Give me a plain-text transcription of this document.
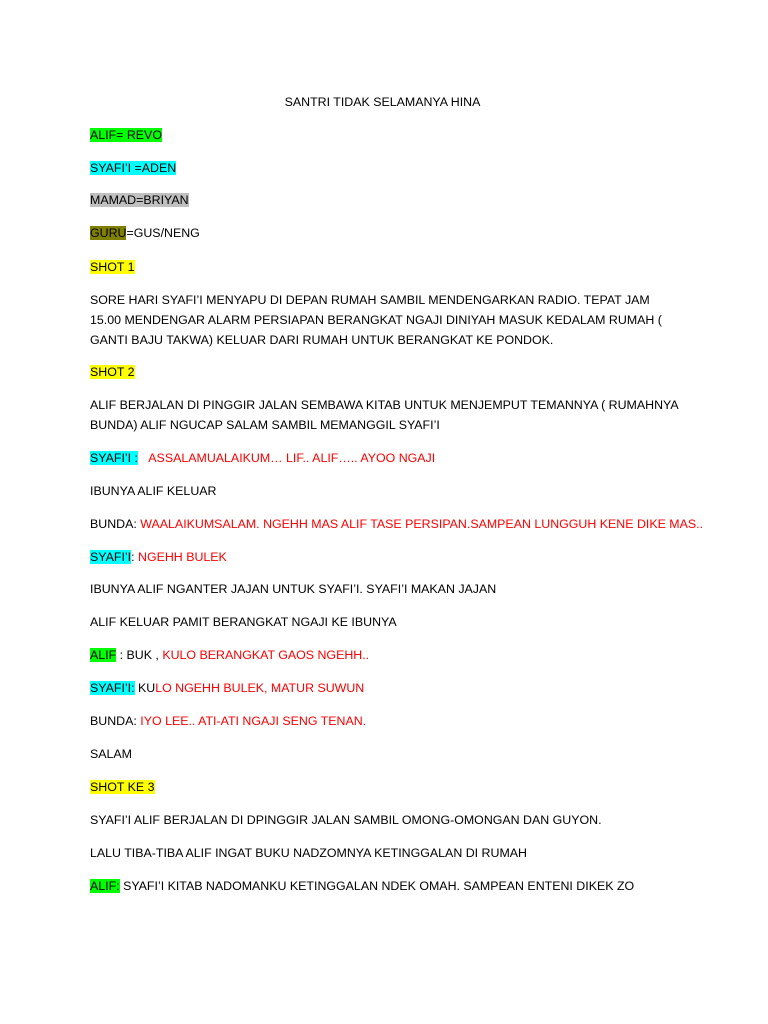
SANTRI TIDAK SELAMANYA HINA
ALIF= REVO
SYAFI’I =ADEN
MAMAD=BRIYAN
GURU=GUS/NENG
SHOT 1
SORE HARI SYAFI’I MENYAPU DI DEPAN RUMAH SAMBIL MENDENGARKAN RADIO. TEPAT JAM 15.00 MENDENGAR ALARM PERSIAPAN BERANGKAT NGAJI DINIYAH MASUK KEDALAM RUMAH ( GANTI BAJU TAKWA) KELUAR DARI RUMAH UNTUK BERANGKAT KE PONDOK.
SHOT 2
ALIF BERJALAN DI PINGGIR JALAN SEMBAWA KITAB UNTUK MENJEMPUT TEMANNYA ( RUMAHNYA BUNDA) ALIF NGUCAP SALAM SAMBIL MEMANGGIL SYAFI’I
SYAFI’I : ASSALAMUALAIKUM… LIF.. ALIF….. AYOO NGAJI
IBUNYA ALIF KELUAR
BUNDA: WAALAIKUMSALAM. NGEHH MAS ALIF TASE PERSIPAN.SAMPEAN LUNGGUH KENE DIKE MAS..
SYAFI’I: NGEHH BULEK
IBUNYA ALIF NGANTER JAJAN UNTUK SYAFI’I. SYAFI’I MAKAN JAJAN
ALIF KELUAR PAMIT BERANGKAT NGAJI KE IBUNYA
ALIF : BUK , KULO BERANGKAT GAOS NGEHH..
SYAFI’I: KULO NGEHH BULEK, MATUR SUWUN
BUNDA: IYO LEE.. ATI-ATI NGAJI SENG TENAN.
SALAM
SHOT KE 3
SYAFI’I ALIF BERJALAN DI DPINGGIR JALAN SAMBIL OMONG-OMONGAN DAN GUYON.
LALU TIBA-TIBA ALIF INGAT BUKU NADZOMNYA KETINGGALAN DI RUMAH
ALIF: SYAFI’I KITAB NADOMANKU KETINGGALAN NDEK OMAH. SAMPEAN ENTENI DIKEK ZO
